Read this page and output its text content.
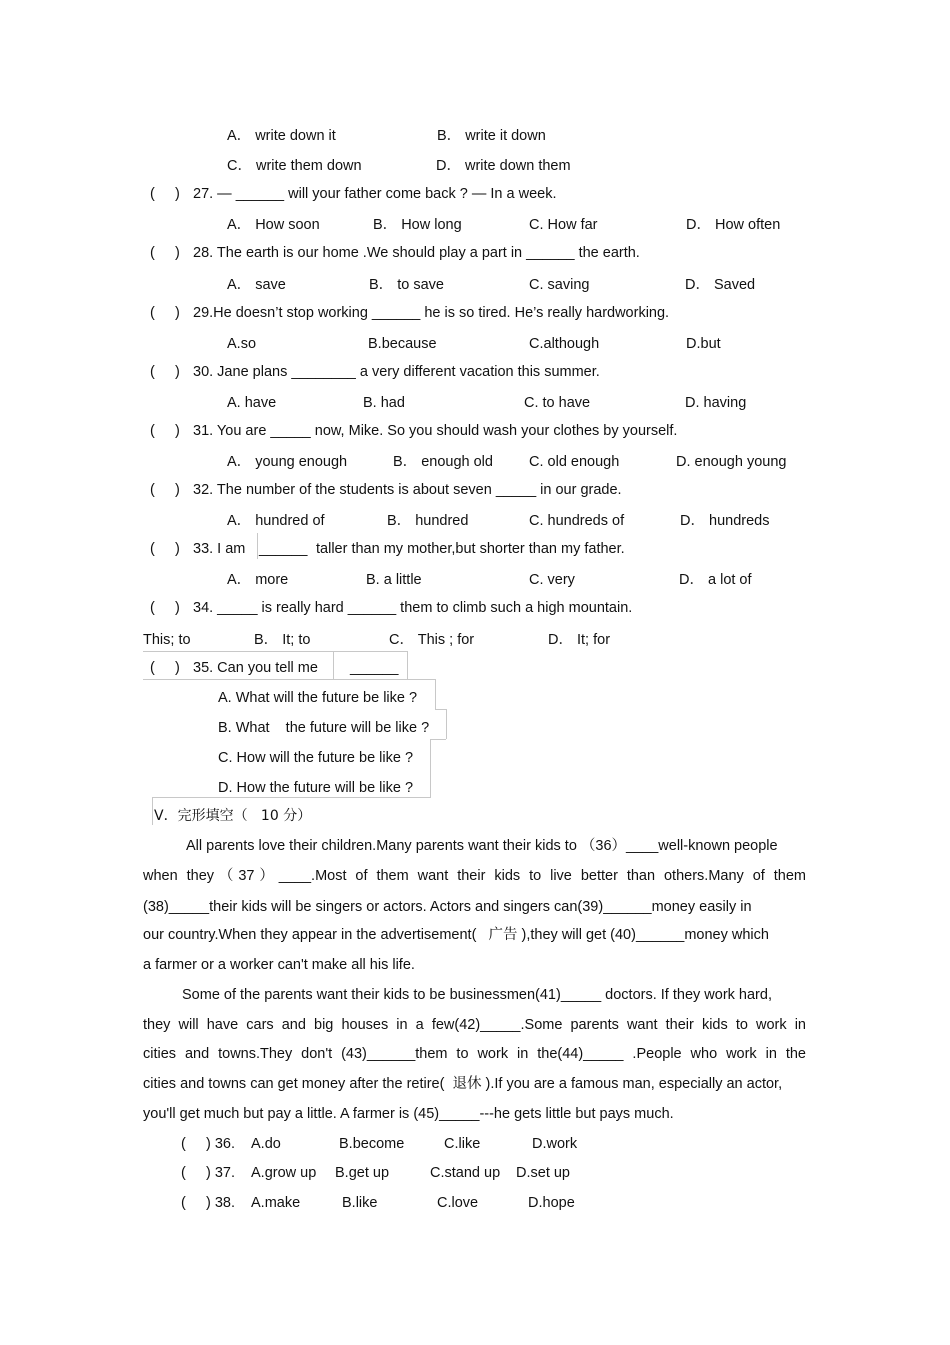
A． write down it	B． write it down
C． write them down	D． write down them
(     ) 27. — ______ will your father come back ? — In a week.
A． How soon	B． How long	C. How far	D． How often
(     ) 28. The earth is our home .We should play a part in ______ the earth.
A． save	B． to save	C. saving	D． Saved
(     ) 29.He doesn’t stop working ______ he is so tired. He’s really hardworking.
A.so	B.because	C.although	D.but
(     ) 30. Jane plans ________ a very different vacation this summer.
A. have	B. had	C. to have	D. having
(     ) 31. You are _____ now, Mike. So you should wash your clothes by yourself.
A． young enough	B． enough old C. old enough	D. enough young
(     ) 32. The number of the students is about seven _____ in our grade.
A． hundred of	B． hundred	C. hundreds of	D． hundreds
(     ) 33. I am ______ taller than my mother,but shorter than my father.
A． more	B. a little	C. very	D． a lot of
(     ) 34. _____ is really hard ______ them to climb such a high mountain.
This; to	B． It; to	C． This ; for	D． It; for
(     ) 35. Can you tell me ______
A. What will the future be like ?
B. What    the future will be like ?
C. How will the future be like ?
D. How the future will be like ?
Ⅴ．完形填空（   10 分）
All parents love their children.Many parents want their kids to （36）____well-known people
when they（37）____.Most of them want their kids to live better than others.Many of them
(38)_____their kids will be singers or actors. Actors and singers can(39)______money easily in
our country.When they appear in the advertisement(   广告 ),they will get (40)______money which
a farmer or a worker can't make all his life.
Some of the parents want their kids to be businessmen(41)_____ doctors. If they work hard,
they will have cars and big houses in a few(42)_____.Some parents want their kids to work in
cities and towns.They don't (43)______them to work in the(44)_____ .People who work in the
cities and towns can get money after the retire(  退休 ).If you are a famous man, especially an actor,
you'll get much but pay a little. A farmer is (45)_____---he gets little but pays much.
(     ) 36. A.do	B.become	C.like	D.work
(     ) 37. A.grow up B.get up	C.stand up D.set up
(     ) 38. A.make	B.like	C.love	D.hope
